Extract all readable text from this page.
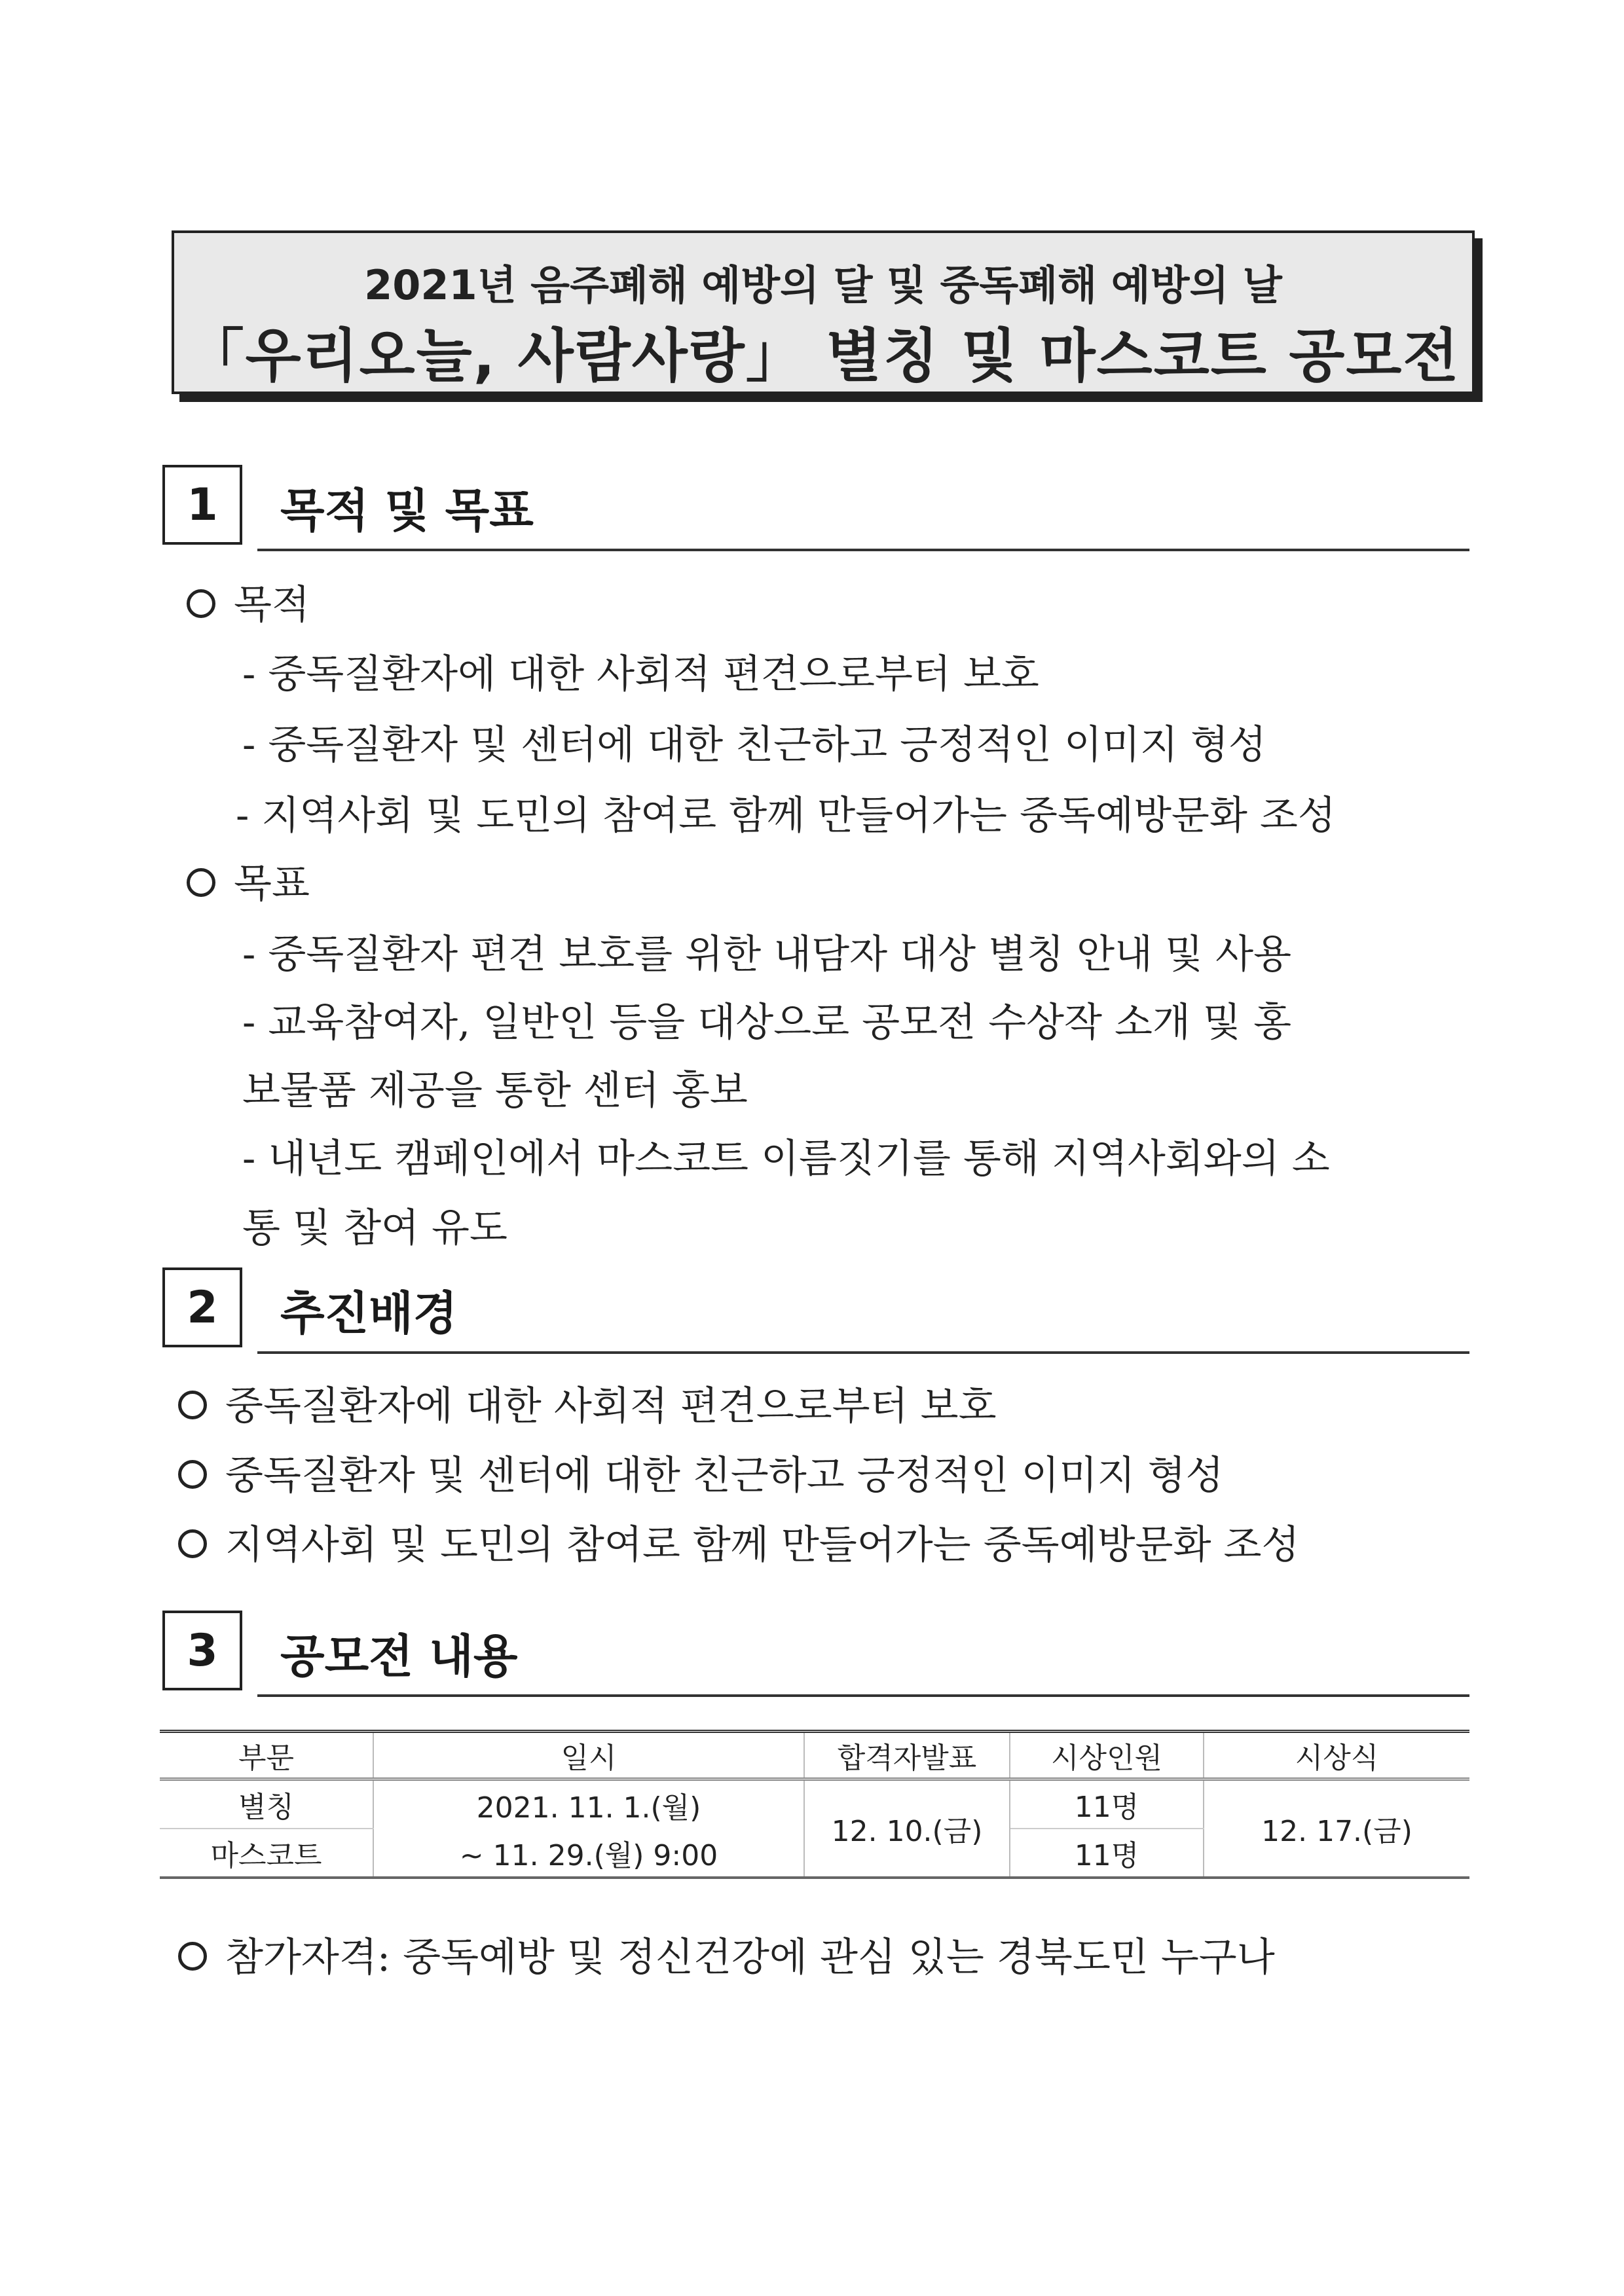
2021년 음주폐해 예방의 달 및 중독폐해 예방의 날
「우리오늘, 사람사랑」 별칭 및 마스코트 공모전
1	목적 및 목표
목적
- 중독질환자에 대한 사회적 편견으로부터 보호
- 중독질환자 및 센터에 대한 친근하고 긍정적인 이미지 형성
- 지역사회 및 도민의 참여로 함께 만들어가는 중독예방문화 조성
목표
- 중독질환자 편견 보호를 위한 내담자 대상 별칭 안내 및 사용
- 교육참여자, 일반인 등을 대상으로 공모전 수상작 소개 및 홍
보물품 제공을 통한 센터 홍보
- 내년도 캠페인에서 마스코트 이름짓기를 통해 지역사회와의 소
통 및 참여 유도
2	추진배경
중독질환자에 대한 사회적 편견으로부터 보호
중독질환자 및 센터에 대한 친근하고 긍정적인 이미지 형성
지역사회 및 도민의 참여로 함께 만들어가는 중독예방문화 조성
3	공모전 내용
부문	일시	합격자발표	시상인원	시상식
별칭	2021. 11. 1.(월)	12. 10.(금)	11명	12. 17.(금)
마스코트	~ 11. 29.(월) 9:00		11명	
참가자격: 중독예방 및 정신건강에 관심 있는 경북도민 누구나
